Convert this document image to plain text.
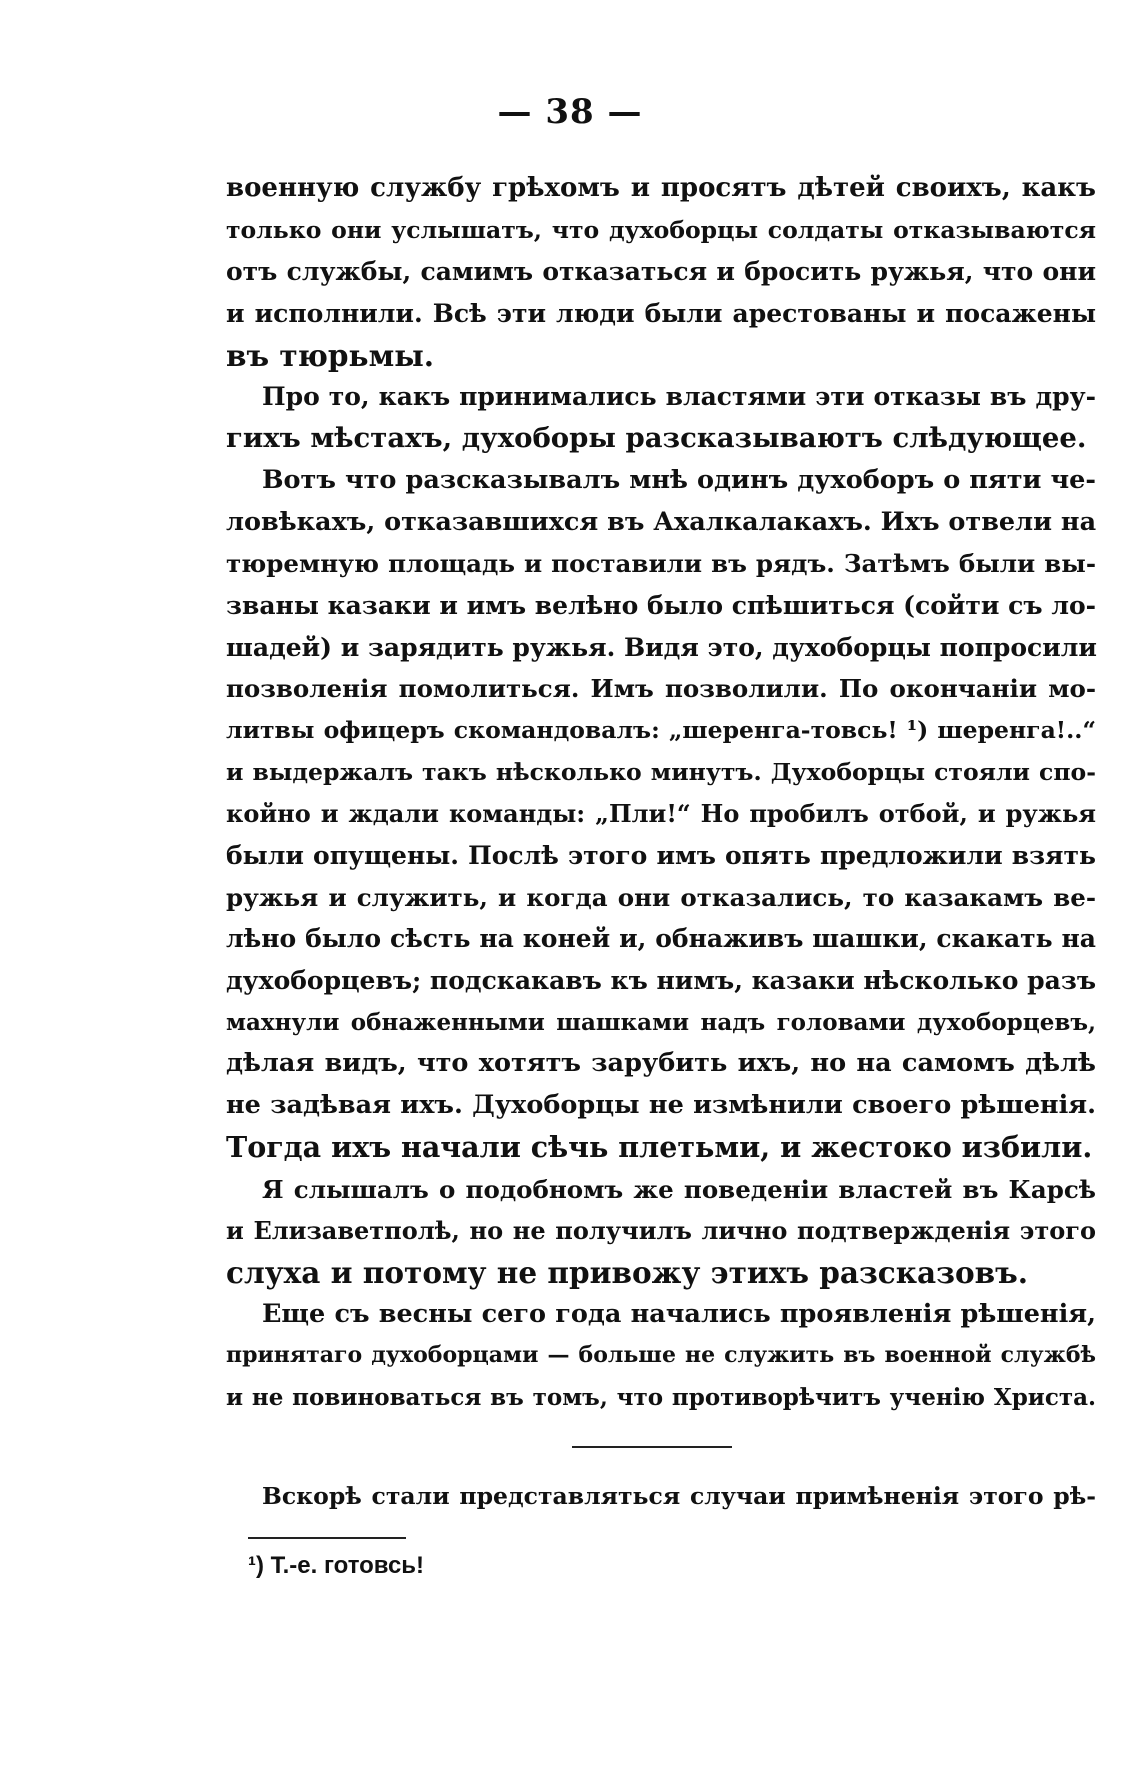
— 38 —
военную службу грѣхомъ и просятъ дѣтей своихъ, какъ
только они услышатъ, что духоборцы солдаты отказываются
отъ службы, самимъ отказаться и бросить ружья, что они
и исполнили. Всѣ эти люди были арестованы и посажены
въ тюрьмы.
Про то, какъ принимались властями эти отказы въ дру-
гихъ мѣстахъ, духоборы разсказываютъ слѣдующее.
Вотъ что разсказывалъ мнѣ одинъ духоборъ о пяти че-
ловѣкахъ, отказавшихся въ Ахалкалакахъ. Ихъ отвели на
тюремную площадь и поставили въ рядъ. Затѣмъ были вы-
званы казаки и имъ велѣно было спѣшиться (сойти съ ло-
шадей) и зарядить ружья. Видя это, духоборцы попросили
позволенія помолиться. Имъ позволили. По окончаніи мо-
литвы офицеръ скомандовалъ: „шеренга-товсь! ¹) шеренга!..“
и выдержалъ такъ нѣсколько минутъ. Духоборцы стояли спо-
койно и ждали команды: „Пли!“ Но пробилъ отбой, и ружья
были опущены. Послѣ этого имъ опять предложили взять
ружья и служить, и когда они отказались, то казакамъ ве-
лѣно было сѣсть на коней и, обнаживъ шашки, скакать на
духоборцевъ; подскакавъ къ нимъ, казаки нѣсколько разъ
махнули обнаженными шашками надъ головами духоборцевъ,
дѣлая видъ, что хотятъ зарубить ихъ, но на самомъ дѣлѣ
не задѣвая ихъ. Духоборцы не измѣнили своего рѣшенія.
Тогда ихъ начали сѣчь плетьми, и жестоко избили.
Я слышалъ о подобномъ же поведеніи властей въ Карсѣ
и Елизаветполѣ, но не получилъ лично подтвержденія этого
слуха и потому не привожу этихъ разсказовъ.
Еще съ весны сего года начались проявленія рѣшенія,
принятаго духоборцами — больше не служить въ военной службѣ
и не повиноваться въ томъ, что противорѣчитъ ученію Христа.
Вскорѣ стали представляться случаи примѣненія этого рѣ-
¹) Т.-е. готовсь!
